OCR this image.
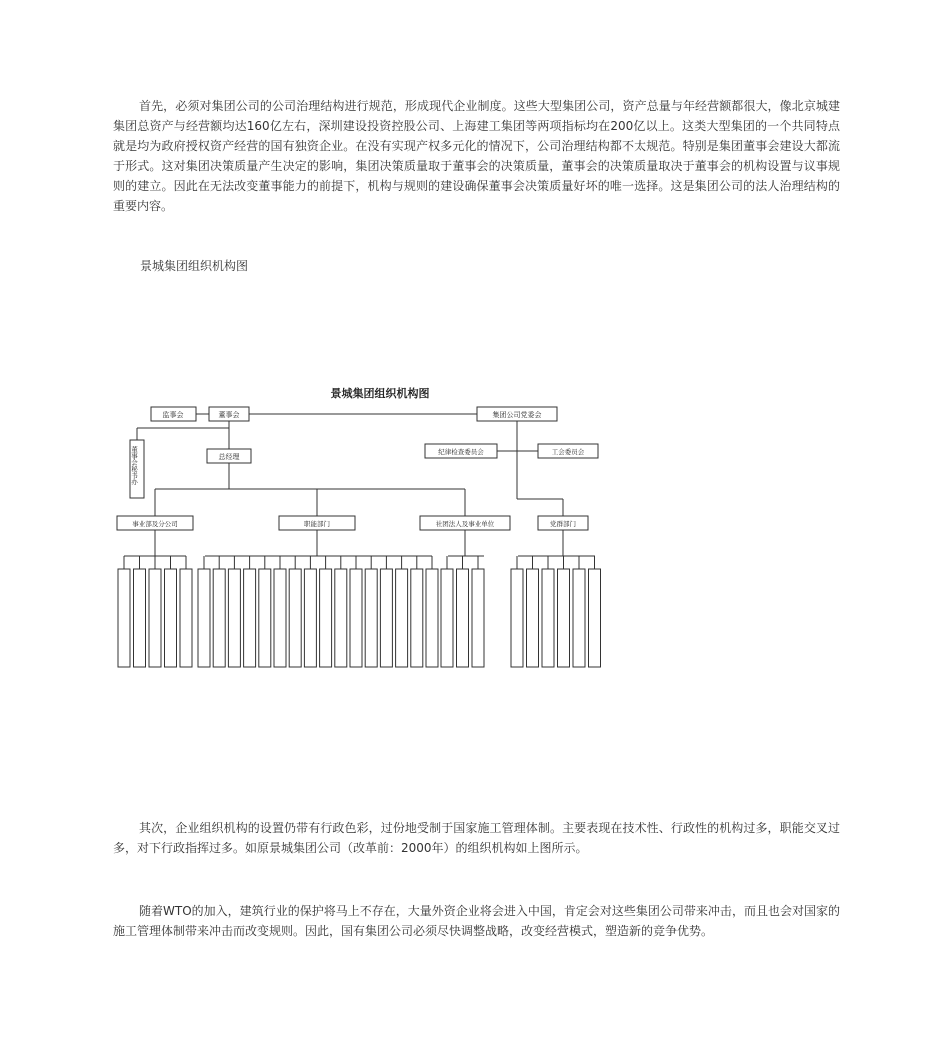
首先，必须对集团公司的公司治理结构进行规范，形成现代企业制度。这些大型集团公司，资产总量与年经营额都很大，像北京城建集团总资产与经营额均达160亿左右，深圳建设投资控股公司、上海建工集团等两项指标均在200亿以上。这类大型集团的一个共同特点就是均为政府授权资产经营的国有独资企业。在没有实现产权多元化的情况下，公司治理结构都不太规范。特别是集团董事会建设大都流于形式。这对集团决策质量产生决定的影响，集团决策质量取于董事会的决策质量，董事会的决策质量取决于董事会的机构设置与议事规则的建立。因此在无法改变董事能力的前提下，机构与规则的建设确保董事会决策质量好坏的唯一选择。这是集团公司的法人治理结构的重要内容。

景城集团组织机构图

景城集团组织机构图
监事会	董事会	集团公司党委会
董事会秘书办	总经理
纪律检查委员会	工会委员会
事业部及分公司	职能部门	社团法人及事业单位	党群部门

其次，企业组织机构的设置仍带有行政色彩，过份地受制于国家施工管理体制。主要表现在技术性、行政性的机构过多，职能交叉过多，对下行政指挥过多。如原景城集团公司（改革前：2000年）的组织机构如上图所示。

随着WTO的加入，建筑行业的保护将马上不存在，大量外资企业将会进入中国，肯定会对这些集团公司带来冲击，而且也会对国家的施工管理体制带来冲击而改变规则。因此，国有集团公司必须尽快调整战略，改变经营模式，塑造新的竞争优势。
